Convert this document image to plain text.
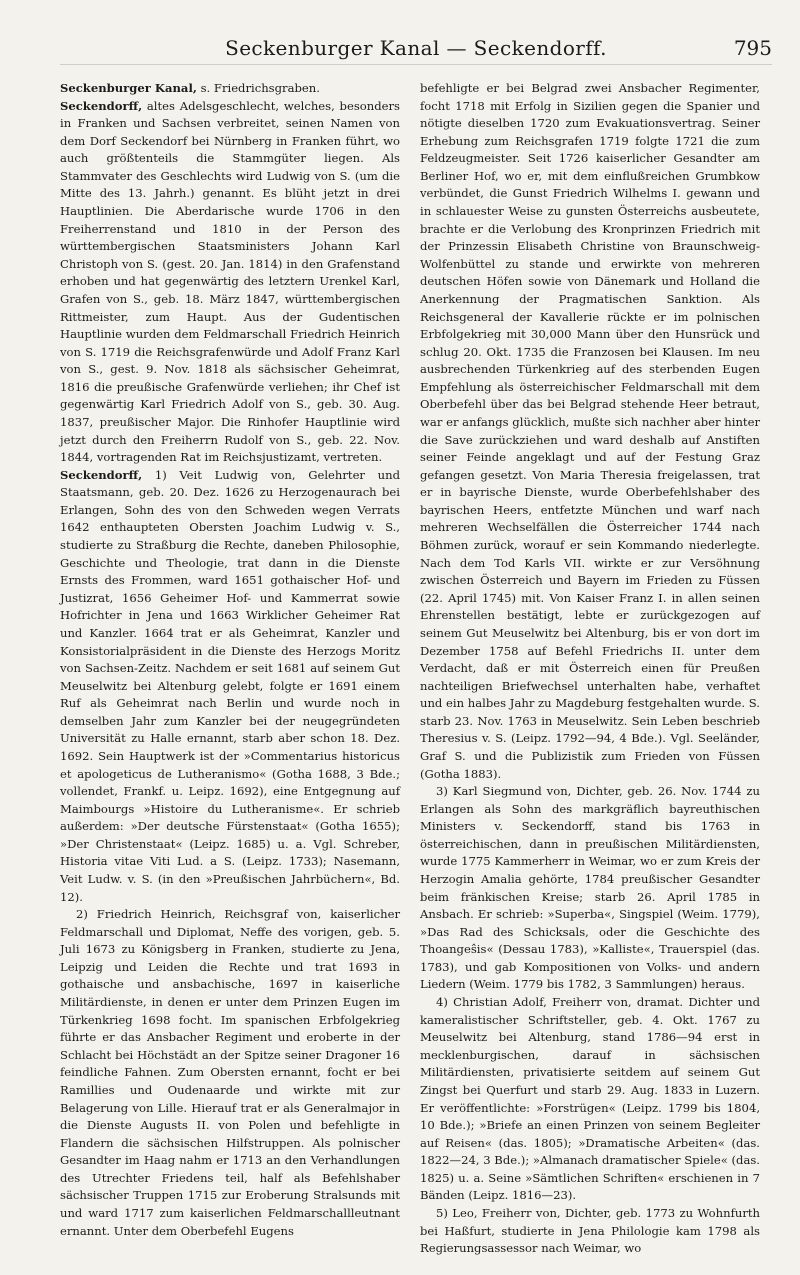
Seckenburger Kanal — Seckendorff.	795

Seckenburger Kanal, s. Friedrichsgraben.

Seckendorff, altes Adelsgeschlecht, welches, besonders in Franken und Sachsen verbreitet, seinen Namen von dem Dorf Seckendorf bei Nürnberg in Franken führt, wo auch größtenteils die Stammgüter liegen. Als Stammvater des Geschlechts wird Ludwig von S. (um die Mitte des 13. Jahrh.) genannt. Es blüht jetzt in drei Hauptlinien. Die Aberdarische wurde 1706 in den Freiherrenstand und 1810 in der Person des württembergischen Staatsministers Johann Karl Christoph von S. (gest. 20. Jan. 1814) in den Grafenstand erhoben und hat gegenwärtig des letztern Urenkel Karl, Grafen von S., geb. 18. März 1847, württembergischen Rittmeister, zum Haupt. Aus der Gudentischen Hauptlinie wurden dem Feldmarschall Friedrich Heinrich von S. 1719 die Reichsgrafenwürde und Adolf Franz Karl von S., gest. 9. Nov. 1818 als sächsischer Geheimrat, 1816 die preußische Grafenwürde verliehen; ihr Chef ist gegenwärtig Karl Friedrich Adolf von S., geb. 30. Aug. 1837, preußischer Major. Die Rinhofer Hauptlinie wird jetzt durch den Freiherrn Rudolf von S., geb. 22. Nov. 1844, vortragenden Rat im Reichsjustizamt, vertreten.

Seckendorff, 1) Veit Ludwig von, Gelehrter und Staatsmann, geb. 20. Dez. 1626 zu Herzogenaurach bei Erlangen, Sohn des von den Schweden wegen Verrats 1642 enthaupteten Obersten Joachim Ludwig v. S., studierte zu Straßburg die Rechte, daneben Philosophie, Geschichte und Theologie, trat dann in die Dienste Ernsts des Frommen, ward 1651 gothaischer Hof- und Justizrat, 1656 Geheimer Hof- und Kammerrat sowie Hofrichter in Jena und 1663 Wirklicher Geheimer Rat und Kanzler. 1664 trat er als Geheimrat, Kanzler und Konsistorialpräsident in die Dienste des Herzogs Moritz von Sachsen-Zeitz. Nachdem er seit 1681 auf seinem Gut Meuselwitz bei Altenburg gelebt, folgte er 1691 einem Ruf als Geheimrat nach Berlin und wurde noch in demselben Jahr zum Kanzler bei der neugegründeten Universität zu Halle ernannt, starb aber schon 18. Dez. 1692. Sein Hauptwerk ist der »Commentarius historicus et apologeticus de Lutheranismo« (Gotha 1688, 3 Bde.; vollendet, Frankf. u. Leipz. 1692), eine Entgegnung auf Maimbourgs »Histoire du Lutheranisme«. Er schrieb außerdem: »Der deutsche Fürstenstaat« (Gotha 1655); »Der Christenstaat« (Leipz. 1685) u. a. Vgl. Schreber, Historia vitae Viti Lud. a S. (Leipz. 1733); Nasemann, Veit Ludw. v. S. (in den »Preußischen Jahrbüchern«, Bd. 12).

2) Friedrich Heinrich, Reichsgraf von, kaiserlicher Feldmarschall und Diplomat, Neffe des vorigen, geb. 5. Juli 1673 zu Königsberg in Franken, studierte zu Jena, Leipzig und Leiden die Rechte und trat 1693 in gothaische und ansbachische, 1697 in kaiserliche Militärdienste, in denen er unter dem Prinzen Eugen im Türkenkrieg 1698 focht. Im spanischen Erbfolgekrieg führte er das Ansbacher Regiment und eroberte in der Schlacht bei Höchstädt an der Spitze seiner Dragoner 16 feindliche Fahnen. Zum Obersten ernannt, focht er bei Ramillies und Oudenaarde und wirkte mit zur Belagerung von Lille. Hierauf trat er als Generalmajor in die Dienste Augusts II. von Polen und befehligte in Flandern die sächsischen Hilfstruppen. Als polnischer Gesandter im Haag nahm er 1713 an den Verhandlungen des Utrechter Friedens teil, half als Befehlshaber sächsischer Truppen 1715 zur Eroberung Stralsunds mit und ward 1717 zum kaiserlichen Feldmarschallleutnant ernannt. Unter dem Oberbefehl Eugens

befehligte er bei Belgrad zwei Ansbacher Regimenter, focht 1718 mit Erfolg in Sizilien gegen die Spanier und nötigte dieselben 1720 zum Evakuationsvertrag. Seiner Erhebung zum Reichsgrafen 1719 folgte 1721 die zum Feldzeugmeister. Seit 1726 kaiserlicher Gesandter am Berliner Hof, wo er, mit dem einflußreichen Grumbkow verbündet, die Gunst Friedrich Wilhelms I. gewann und in schlauester Weise zu gunsten Österreichs ausbeutete, brachte er die Verlobung des Kronprinzen Friedrich mit der Prinzessin Elisabeth Christine von Braunschweig-Wolfenbüttel zu stande und erwirkte von mehreren deutschen Höfen sowie von Dänemark und Holland die Anerkennung der Pragmatischen Sanktion. Als Reichsgeneral der Kavallerie rückte er im polnischen Erbfolgekrieg mit 30,000 Mann über den Hunsrück und schlug 20. Okt. 1735 die Franzosen bei Klausen. Im neu ausbrechenden Türkenkrieg auf des sterbenden Eugen Empfehlung als österreichischer Feldmarschall mit dem Oberbefehl über das bei Belgrad stehende Heer betraut, war er anfangs glücklich, mußte sich nachher aber hinter die Save zurückziehen und ward deshalb auf Anstiften seiner Feinde angeklagt und auf der Festung Graz gefangen gesetzt. Von Maria Theresia freigelassen, trat er in bayrische Dienste, wurde Oberbefehlshaber des bayrischen Heers, entfetzte München und warf nach mehreren Wechselfällen die Österreicher 1744 nach Böhmen zurück, worauf er sein Kommando niederlegte. Nach dem Tod Karls VII. wirkte er zur Versöhnung zwischen Österreich und Bayern im Frieden zu Füssen (22. April 1745) mit. Von Kaiser Franz I. in allen seinen Ehrenstellen bestätigt, lebte er zurückgezogen auf seinem Gut Meuselwitz bei Altenburg, bis er von dort im Dezember 1758 auf Befehl Friedrichs II. unter dem Verdacht, daß er mit Österreich einen für Preußen nachteiligen Briefwechsel unterhalten habe, verhaftet und ein halbes Jahr zu Magdeburg festgehalten wurde. S. starb 23. Nov. 1763 in Meuselwitz. Sein Leben beschrieb Theresius v. S. (Leipz. 1792—94, 4 Bde.). Vgl. Seeländer, Graf S. und die Publizistik zum Frieden von Füssen (Gotha 1883).

3) Karl Siegmund von, Dichter, geb. 26. Nov. 1744 zu Erlangen als Sohn des markgräflich bayreuthischen Ministers v. Seckendorff, stand bis 1763 in österreichischen, dann in preußischen Militärdiensten, wurde 1775 Kammerherr in Weimar, wo er zum Kreis der Herzogin Amalia gehörte, 1784 preußischer Gesandter beim fränkischen Kreise; starb 26. April 1785 in Ansbach. Er schrieb: »Superba«, Singspiel (Weim. 1779), »Das Rad des Schicksals, oder die Geschichte des Thoangeŝis« (Dessau 1783), »Kalliste«, Trauerspiel (das. 1783), und gab Kompositionen von Volks- und andern Liedern (Weim. 1779 bis 1782, 3 Sammlungen) heraus.

4) Christian Adolf, Freiherr von, dramat. Dichter und kameralistischer Schriftsteller, geb. 4. Okt. 1767 zu Meuselwitz bei Altenburg, stand 1786—94 erst in mecklenburgischen, darauf in sächsischen Militärdiensten, privatisierte seitdem auf seinem Gut Zingst bei Querfurt und starb 29. Aug. 1833 in Luzern. Er veröffentlichte: »Forstrügen« (Leipz. 1799 bis 1804, 10 Bde.); »Briefe an einen Prinzen von seinem Begleiter auf Reisen« (das. 1805); »Dramatische Arbeiten« (das. 1822—24, 3 Bde.); »Almanach dramatischer Spiele« (das. 1825) u. a. Seine »Sämtlichen Schriften« erschienen in 7 Bänden (Leipz. 1816—23).

5) Leo, Freiherr von, Dichter, geb. 1773 zu Wohnfurth bei Haßfurt, studierte in Jena Philologie kam 1798 als Regierungsassessor nach Weimar, wo
